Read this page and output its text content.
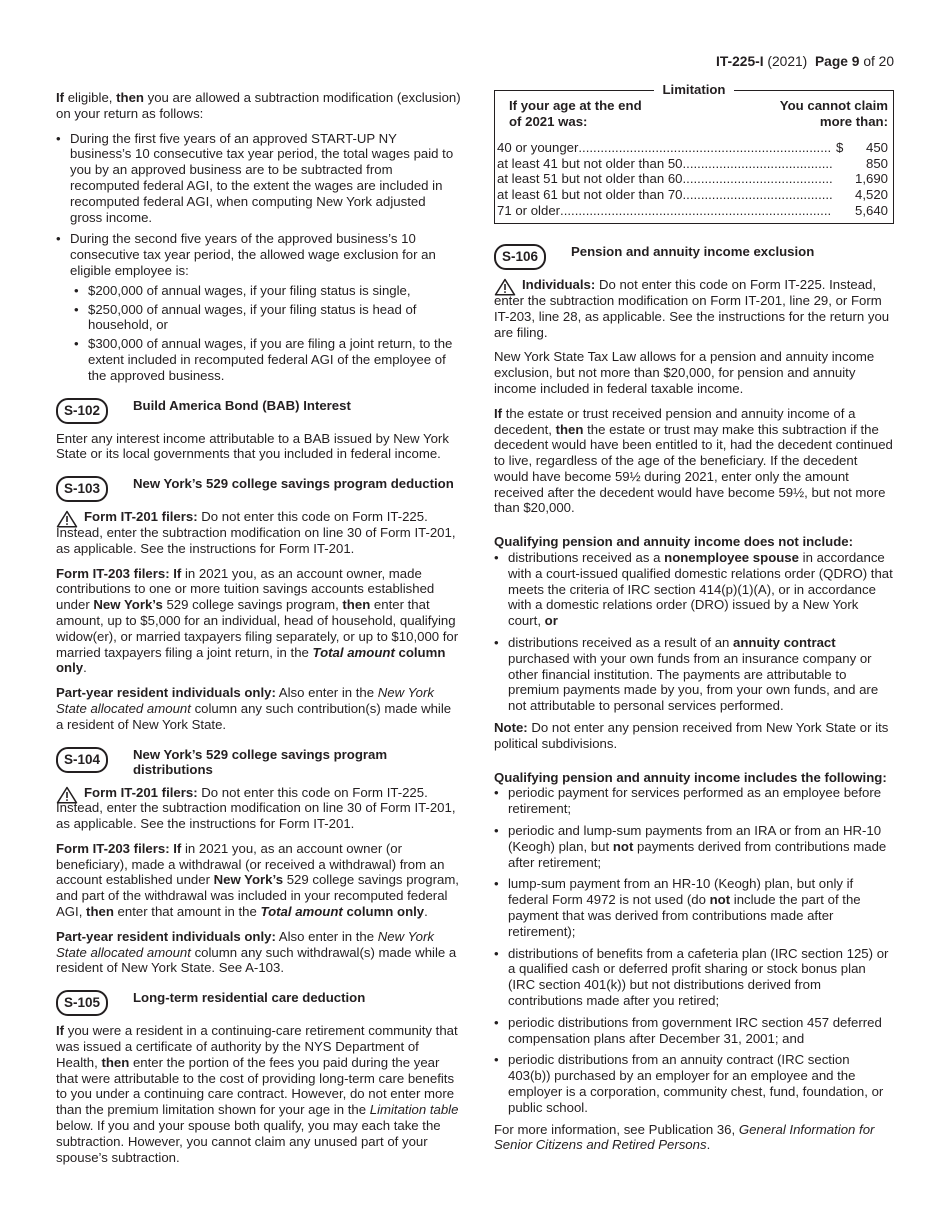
IT-225-I (2021) Page 9 of 20

If eligible, then you are allowed a subtraction modification (exclusion) on your return as follows:

• During the first five years of an approved START-UP NY business’s 10 consecutive tax year period, the total wages paid to you by an approved business are to be subtracted from recomputed federal AGI, to the extent the wages are included in recomputed federal AGI, when computing New York adjusted gross income.
• During the second five years of the approved business’s 10 consecutive tax year period, the allowed wage exclusion for an eligible employee is:
• $200,000 of annual wages, if your filing status is single,
• $250,000 of annual wages, if your filing status is head of household, or
• $300,000 of annual wages, if you are filing a joint return, to the extent included in recomputed federal AGI of the employee of the approved business.
S-102	Build America Bond (BAB) Interest

Enter any interest income attributable to a BAB issued by New York State or its local governments that you included in federal income.

S-103	New York’s 529 college savings program deduction

Form IT-201 filers: Do not enter this code on Form IT-225. Instead, enter the subtraction modification on line 30 of Form IT-201, as applicable. See the instructions for Form IT-201.

Form IT-203 filers: If in 2021 you, as an account owner, made contributions to one or more tuition savings accounts established under New York’s 529 college savings program, then enter that amount, up to $5,000 for an individual, head of household, qualifying widow(er), or married taxpayers filing separately, or up to $10,000 for married taxpayers filing a joint return, in the Total amount column only.

Part-year resident individuals only: Also enter in the New York State allocated amount column any such contribution(s) made while a resident of New York State.

S-104	New York’s 529 college savings program distributions

Form IT-201 filers: Do not enter this code on Form IT-225. Instead, enter the subtraction modification on line 30 of Form IT-201, as applicable. See the instructions for Form IT-201.

Form IT-203 filers: If in 2021 you, as an account owner (or beneficiary), made a withdrawal (or received a withdrawal) from an account established under New York’s 529 college savings program, and part of the withdrawal was included in your recomputed federal AGI, then enter that amount in the Total amount column only.

Part-year resident individuals only: Also enter in the New York State allocated amount column any such withdrawal(s) made while a resident of New York State. See A-103.

S-105	Long-term residential care deduction

If you were a resident in a continuing-care retirement community that was issued a certificate of authority by the NYS Department of Health, then enter the portion of the fees you paid during the year that were attributable to the cost of providing long-term care benefits to you under a continuing care contract. However, do not enter more than the premium limitation shown for your age in the Limitation table below. If you and your spouse both qualify, you may each take the subtraction. However, you cannot claim any unused part of your spouse’s subtraction.

Limitation
If your age at the end of 2021 was:
You cannot claim more than:
40 or younger .....	$	450
at least 41 but not older than 50 .....	850
at least 51 but not older than 60 .....	1,690
at least 61 but not older than 70 .....	4,520
71 or older .....	5,640
S-106	Pension and annuity income exclusion

Individuals: Do not enter this code on Form IT-225. Instead, enter the subtraction modification on Form IT-201, line 29, or Form IT-203, line 28, as applicable. See the instructions for the return you are filing.

New York State Tax Law allows for a pension and annuity income exclusion, but not more than $20,000, for pension and annuity income included in federal taxable income.

If the estate or trust received pension and annuity income of a decedent, then the estate or trust may make this subtraction if the decedent would have been entitled to it, had the decedent continued to live, regardless of the age of the beneficiary. If the decedent would have become 59½ during 2021, enter only the amount received after the decedent would have become 59½, but not more than $20,000.

Qualifying pension and annuity income does not include:

• distributions received as a nonemployee spouse in accordance with a court-issued qualified domestic relations order (QDRO) that meets the criteria of IRC section 414(p)(1)(A), or in accordance with a domestic relations order (DRO) issued by a New York court, or
• distributions received as a result of an annuity contract purchased with your own funds from an insurance company or other financial institution. The payments are attributable to premium payments made by you, from your own funds, and are not attributable to personal services performed.

Note: Do not enter any pension received from New York State or its political subdivisions.

Qualifying pension and annuity income includes the following:

• periodic payment for services performed as an employee before retirement;
• periodic and lump-sum payments from an IRA or from an HR-10 (Keogh) plan, but not payments derived from contributions made after retirement;
• lump-sum payment from an HR-10 (Keogh) plan, but only if federal Form 4972 is not used (do not include the part of the payment that was derived from contributions made after retirement);
• distributions of benefits from a cafeteria plan (IRC section 125) or a qualified cash or deferred profit sharing or stock bonus plan (IRC section 401(k)) but not distributions derived from contributions made after you retired;
• periodic distributions from government IRC section 457 deferred compensation plans after December 31, 2001; and
• periodic distributions from an annuity contract (IRC section 403(b)) purchased by an employer for an employee and the employer is a corporation, community chest, fund, foundation, or public school.

For more information, see Publication 36, General Information for Senior Citizens and Retired Persons.
